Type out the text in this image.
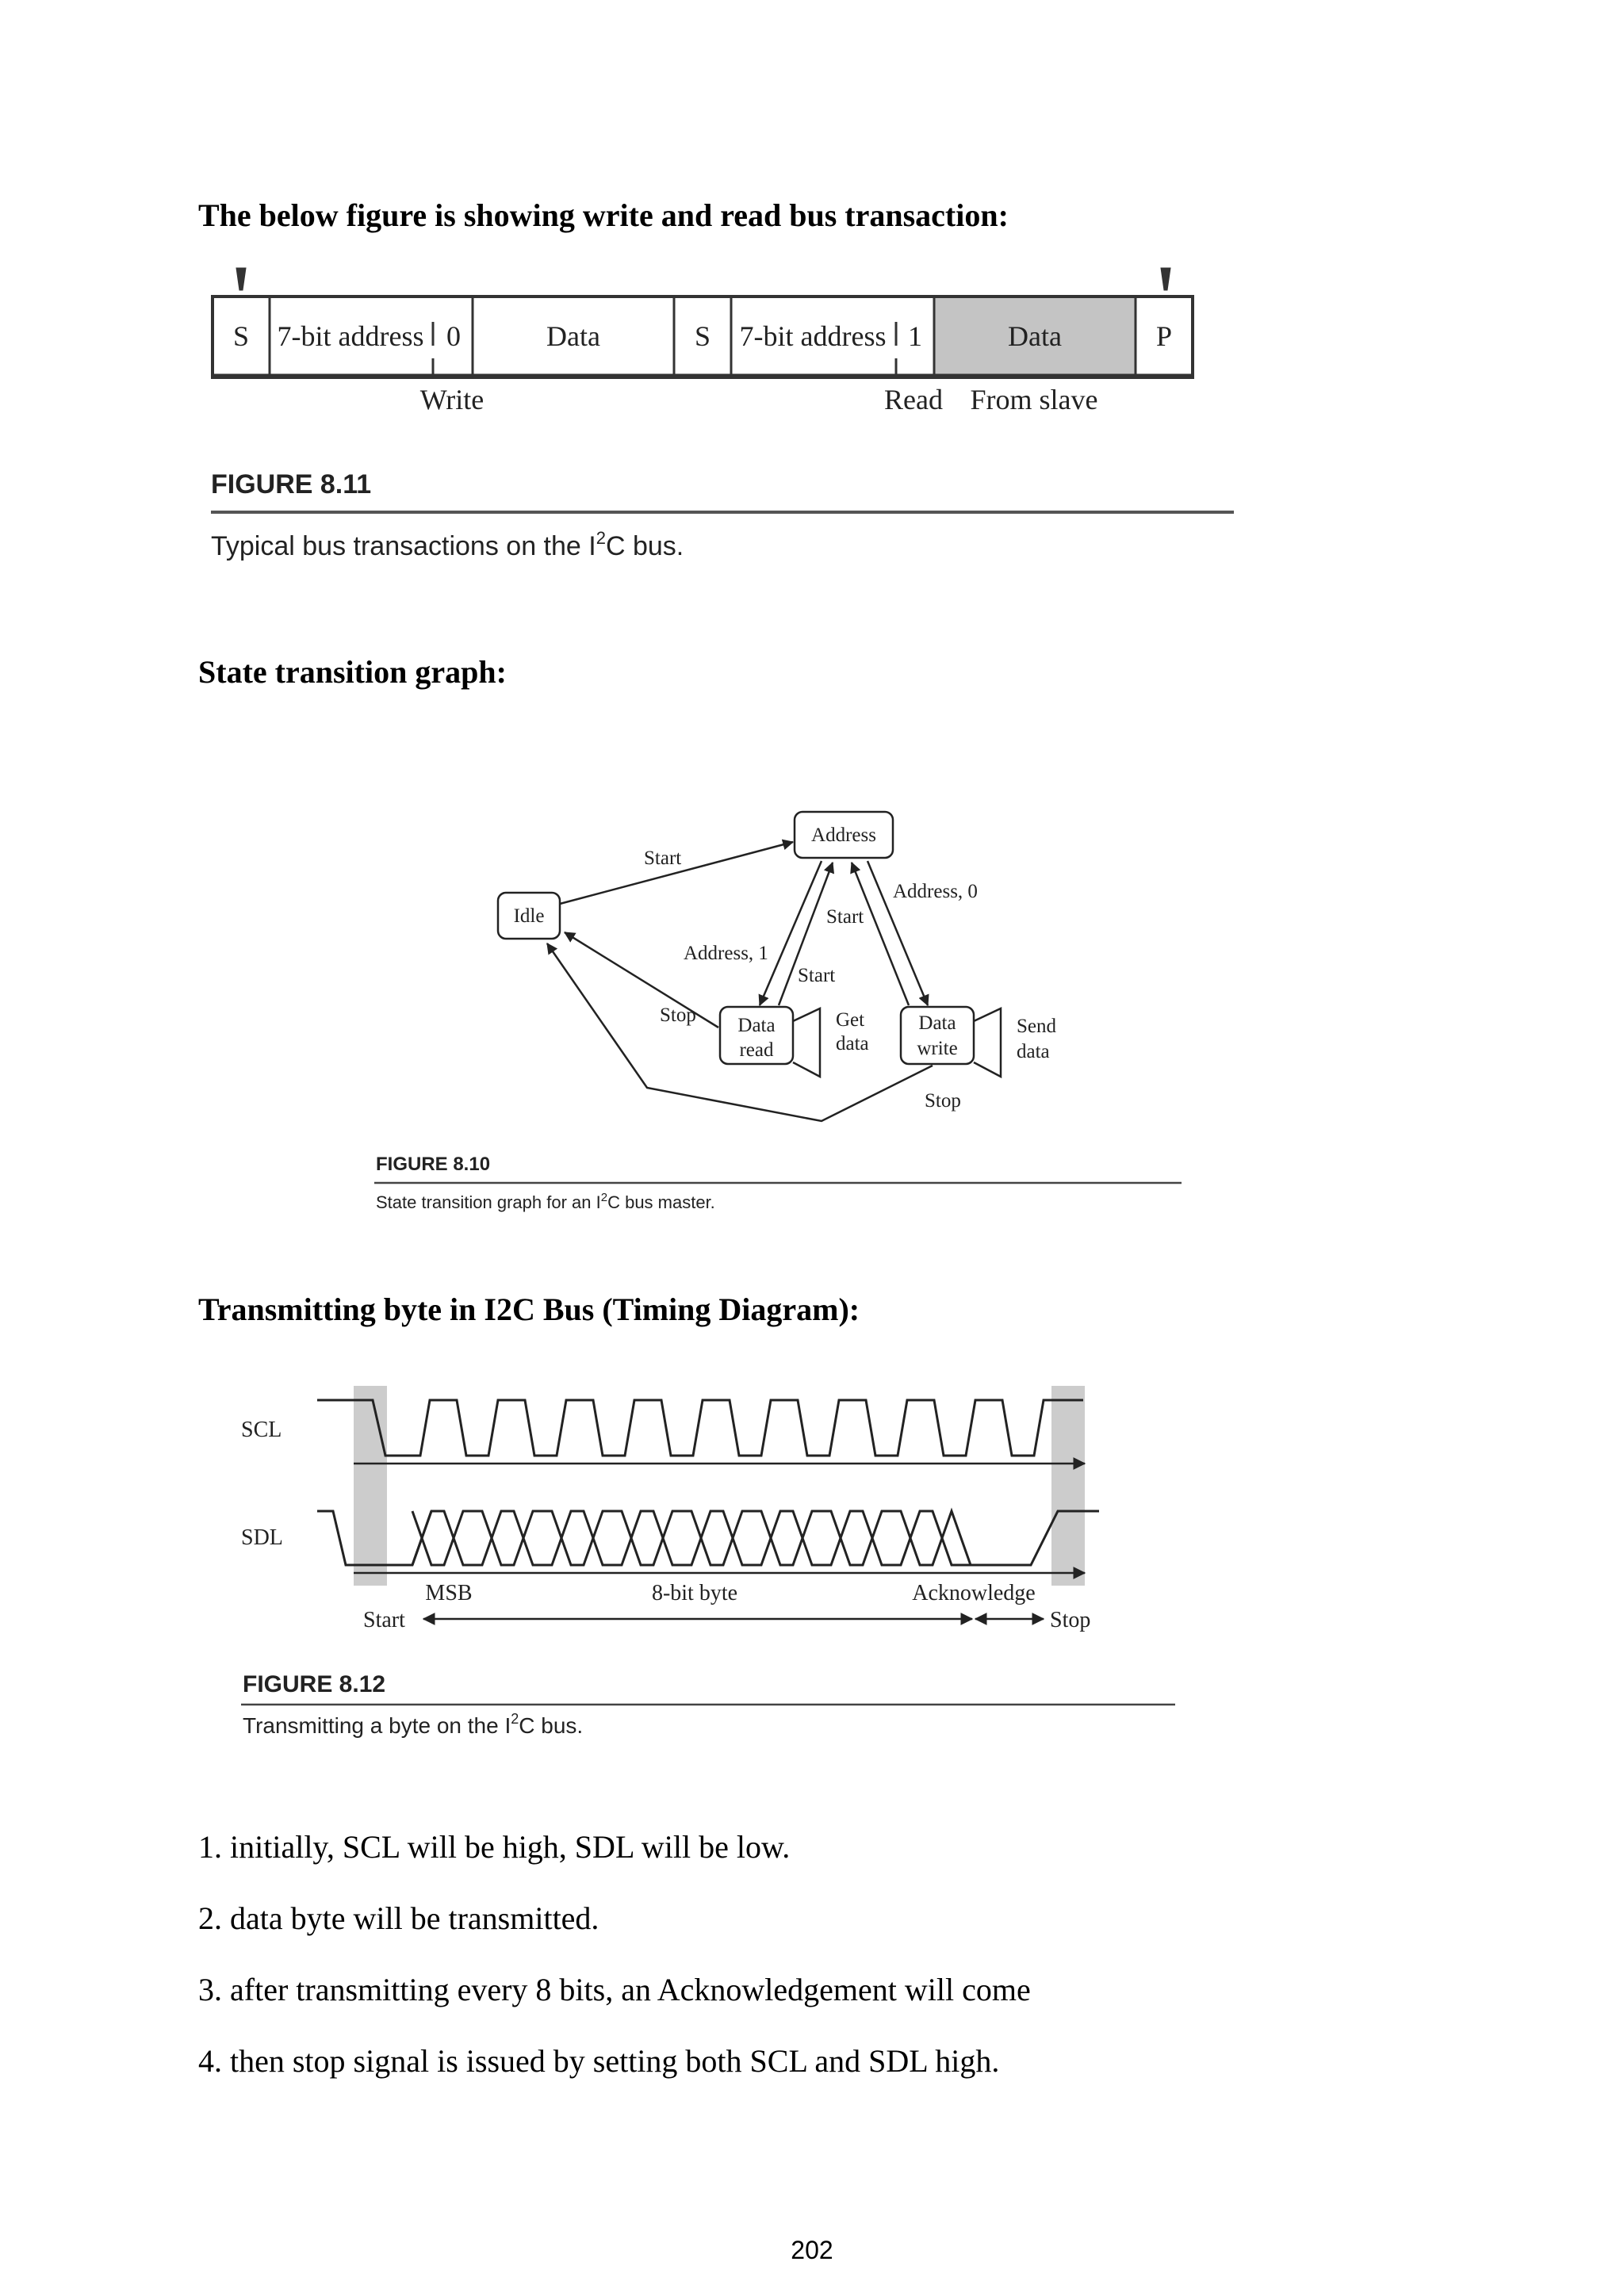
The below figure is showing write and read bus transaction:
State transition graph:
Transmitting byte in I2C Bus (Timing Diagram):
S 7-bit address 0	Data	S 7-bit address 1	Data	P
Write	Read From slave
FIGURE 8.11
Typical bus transactions on the $I^2C$ bus.
Idle
Address
Data
read
Data
write
Start
Address, 0
Start
Address, 1
Start
Stop	Get
data
Send
data
Stop
FIGURE 8.10
State transition graph for an $I^2C$ bus master.
SCL
SDL
MSB	8-bit byte	Acknowledge
Start	Stop
FIGURE 8.12
Transmitting a byte on the $I^2C$ bus.
1. initially, SCL will be high, SDL will be low.
2. data byte will be transmitted.
3. after transmitting every 8 bits, an Acknowledgement will come
4. then stop signal is issued by setting both SCL and SDL high.
202
